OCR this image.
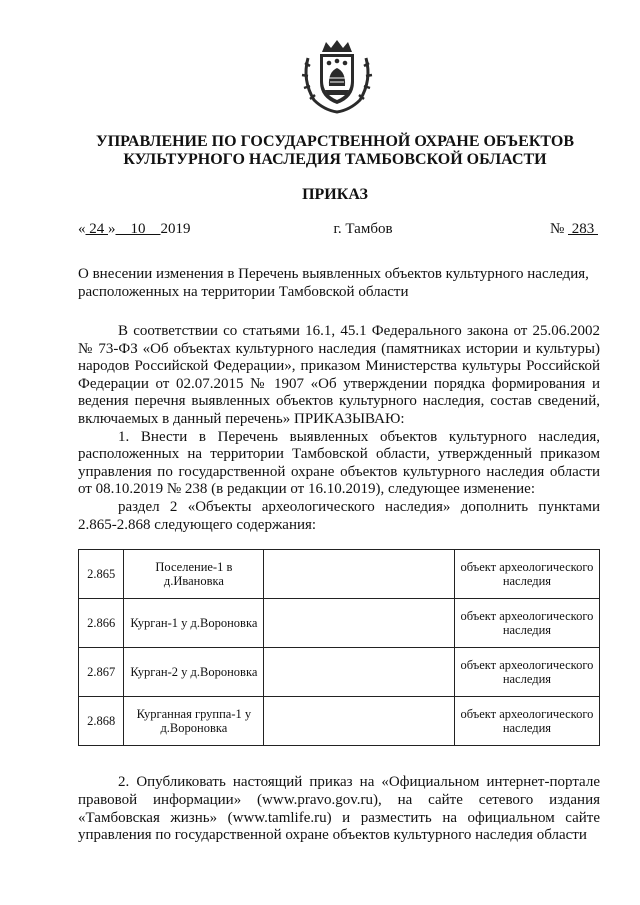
УПРАВЛЕНИЕ ПО ГОСУДАРСТВЕННОЙ ОХРАНЕ ОБЪЕКТОВ КУЛЬТУРНОГО НАСЛЕДИЯ ТАМБОВСКОЙ ОБЛАСТИ
ПРИКАЗ
« 24 »    10    2019	г. Тамбов	№  283
О внесении изменения в Перечень выявленных объектов культурного наследия, расположенных на территории Тамбовской области

В соответствии со статьями 16.1, 45.1 Федерального закона от 25.06.2002 № 73-ФЗ «Об объектах культурного наследия (памятниках истории и культуры) народов Российской Федерации», приказом Министерства культуры Российской Федерации от 02.07.2015 № 1907 «Об утверждении порядка формирования и ведения перечня выявленных объектов культурного наследия, состав сведений, включаемых в данный перечень» ПРИКАЗЫВАЮ:

1. Внести в Перечень выявленных объектов культурного наследия, расположенных на территории Тамбовской области, утвержденный приказом управления по государственной охране объектов культурного наследия области от 08.10.2019 № 238 (в редакции от 16.10.2019), следующее изменение:

раздел 2 «Объекты археологического наследия» дополнить пунктами 2.865-2.868 следующего содержания:

2.865	Поселение-1 в д.Ивановка		объект археологического наследия
2.866	Курган-1 у д.Вороновка		объект археологического наследия
2.867	Курган-2 у д.Вороновка		объект археологического наследия
2.868	Курганная группа-1 у д.Вороновка		объект археологического наследия

2. Опубликовать настоящий приказ на «Официальном интернет-портале правовой информации» (www.pravo.gov.ru), на сайте сетевого издания «Тамбовская жизнь» (www.tamlife.ru) и разместить на официальном сайте управления по государственной охране объектов культурного наследия области
